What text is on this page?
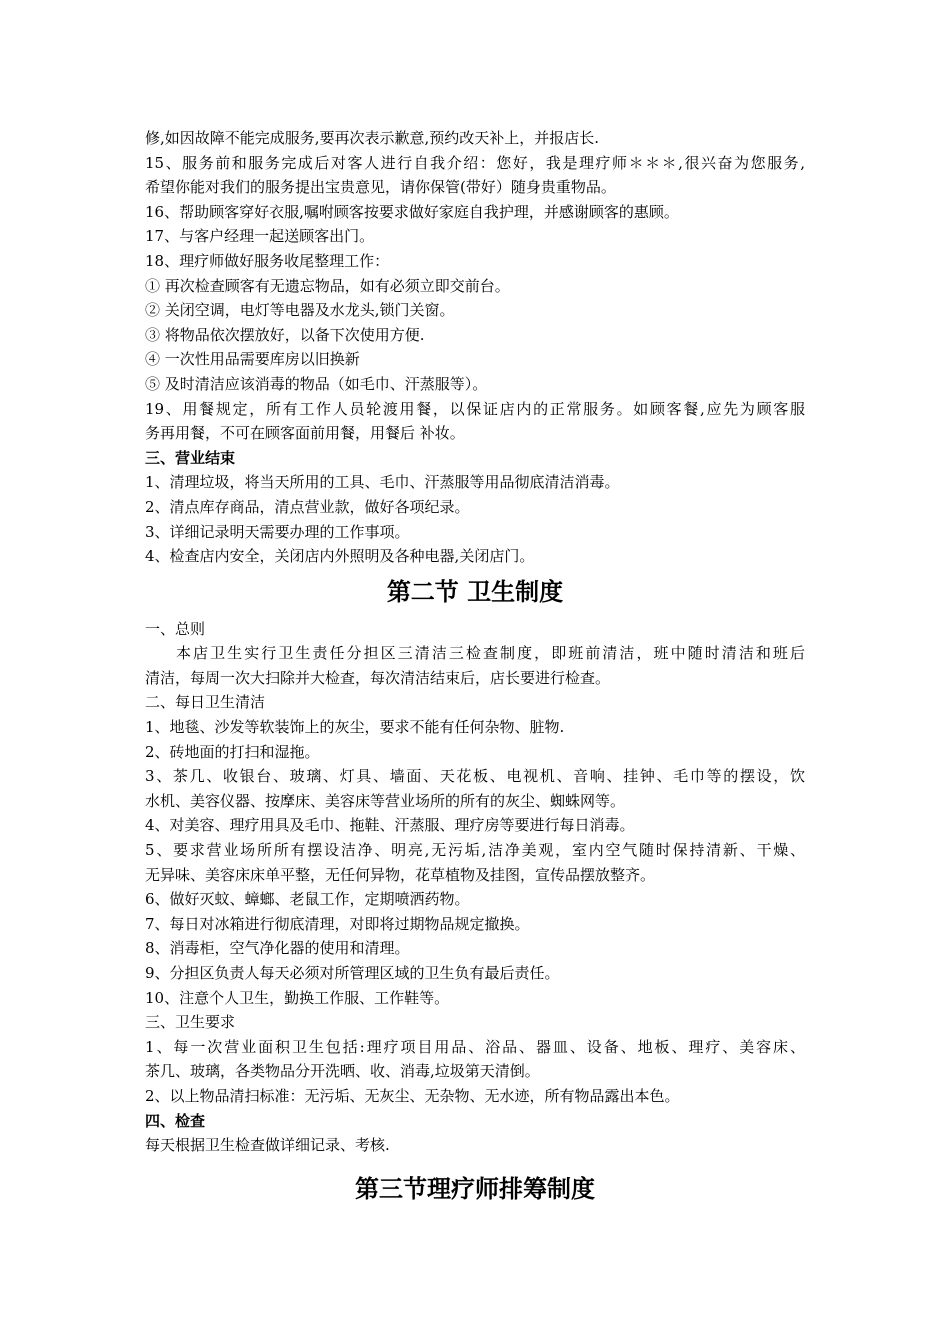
修,如因故障不能完成服务,要再次表示歉意,预约改天补上，并报店长.

15、服务前和服务完成后对客人进行自我介绍：您好，我是理疗师＊＊＊,很兴奋为您服务,

希望你能对我们的服务提出宝贵意见，请你保管(带好）随身贵重物品。

16、帮助顾客穿好衣服,嘱咐顾客按要求做好家庭自我护理，并感谢顾客的惠顾。

17、与客户经理一起送顾客出门。

18、理疗师做好服务收尾整理工作：

① 再次检查顾客有无遗忘物品，如有必须立即交前台。

② 关闭空调，电灯等电器及水龙头,锁门关窗。

③ 将物品依次摆放好，以备下次使用方便.

④ 一次性用品需要库房以旧换新

⑤ 及时清洁应该消毒的物品（如毛巾、汗蒸服等）。

19、用餐规定，所有工作人员轮渡用餐，以保证店内的正常服务。如顾客餐,应先为顾客服

务再用餐，不可在顾客面前用餐，用餐后 补妆。

三、营业结束

1、清理垃圾，将当天所用的工具、毛巾、汗蒸服等用品彻底清洁消毒。

2、清点库存商品，清点营业款，做好各项纪录。

3、详细记录明天需要办理的工作事项。

4、检查店内安全，关闭店内外照明及各种电器,关闭店门。

第二节 卫生制度

一、总则

本店卫生实行卫生责任分担区三清洁三检查制度，即班前清洁，班中随时清洁和班后

清洁，每周一次大扫除并大检查，每次清洁结束后，店长要进行检查。

二、每日卫生清洁

1、地毯、沙发等软装饰上的灰尘，要求不能有任何杂物、脏物.

2、砖地面的打扫和湿拖。

3、茶几、收银台、玻璃、灯具、墙面、天花板、电视机、音响、挂钟、毛巾等的摆设，饮

水机、美容仪器、按摩床、美容床等营业场所的所有的灰尘、蜘蛛网等。

4、对美容、理疗用具及毛巾、拖鞋、汗蒸服、理疗房等要进行每日消毒。

5、要求营业场所所有摆设洁净、明亮,无污垢,洁净美观，室内空气随时保持清新、干燥、

无异味、美容床床单平整，无任何异物，花草植物及挂图，宣传品摆放整齐。

6、做好灭蚊、蟑螂、老鼠工作，定期喷洒药物。

7、每日对冰箱进行彻底清理，对即将过期物品规定撤换。

8、消毒柜，空气净化器的使用和清理。

9、分担区负责人每天必须对所管理区域的卫生负有最后责任。

10、注意个人卫生，勤换工作服、工作鞋等。

三、卫生要求

1、每一次营业面积卫生包括:理疗项目用品、浴品、器皿、设备、地板、理疗、美容床、

茶几、玻璃，各类物品分开洗晒、收、消毒,垃圾第天清倒。

2、以上物品清扫标准：无污垢、无灰尘、无杂物、无水迹，所有物品露出本色。

四、检查

每天根据卫生检查做详细记录、考核.

第三节理疗师排筹制度
